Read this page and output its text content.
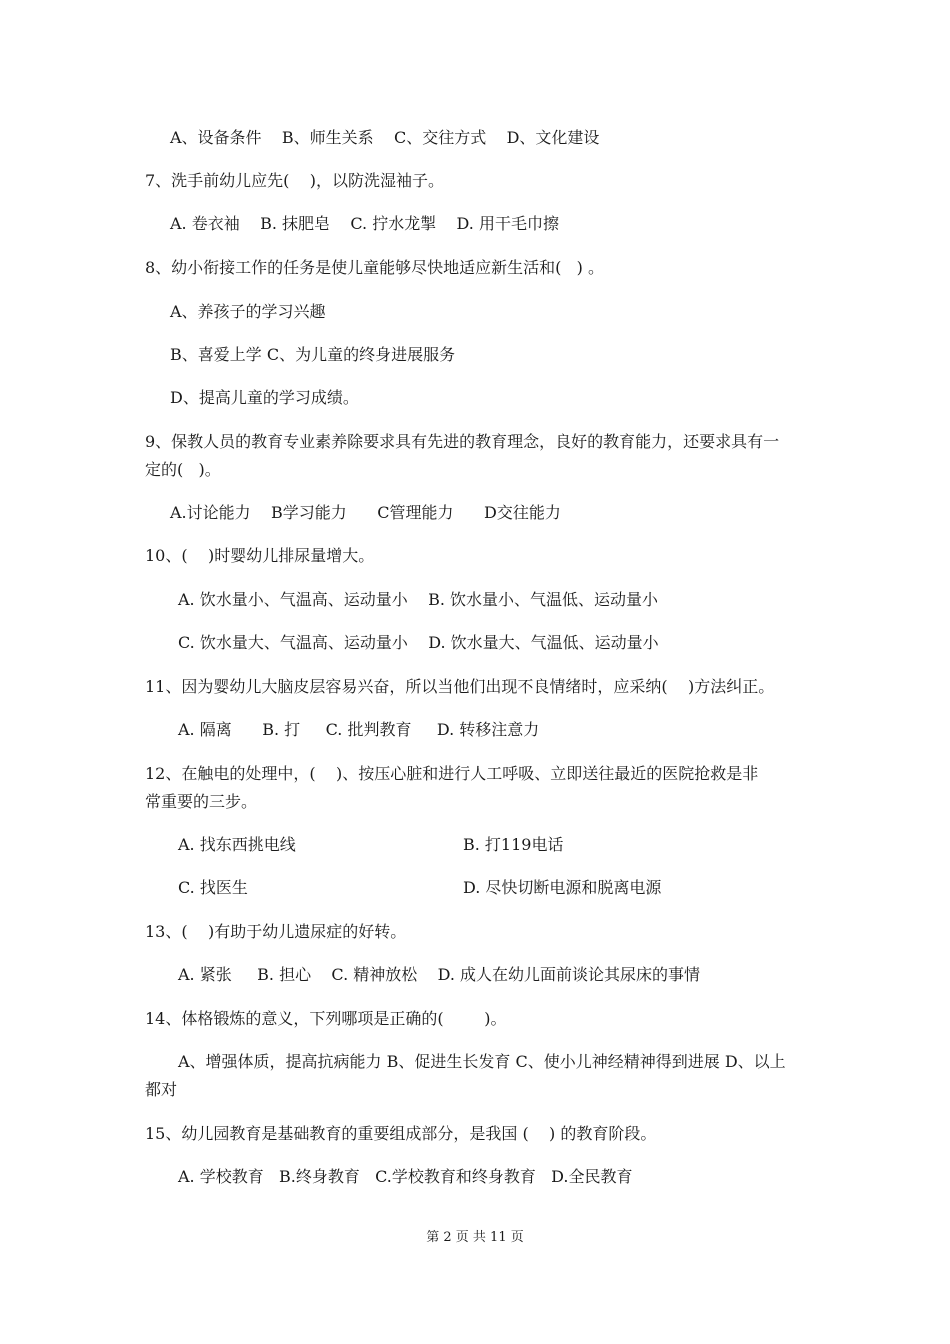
A、设备条件    B、师生关系    C、交往方式    D、文化建设
7、洗手前幼儿应先(    )，以防洗湿袖子。
A. 卷衣袖    B. 抹肥皂    C. 拧水龙掣    D. 用干毛巾擦
8、幼小衔接工作的任务是使儿童能够尽快地适应新生活和(   ) 。
A、养孩子的学习兴趣
B、喜爱上学 C、为儿童的终身进展服务
D、提高儿童的学习成绩。
9、保教人员的教育专业素养除要求具有先进的教育理念，良好的教育能力，还要求具有一
定的(   )。
A.讨论能力    B学习能力      C管理能力      D交往能力
10、(    )时婴幼儿排尿量增大。
A. 饮水量小、气温高、运动量小    B. 饮水量小、气温低、运动量小
C. 饮水量大、气温高、运动量小    D. 饮水量大、气温低、运动量小
11、因为婴幼儿大脑皮层容易兴奋，所以当他们出现不良情绪时，应采纳(    )方法纠正。
A. 隔离      B. 打     C. 批判教育     D. 转移注意力
12、在触电的处理中，(    )、按压心脏和进行人工呼吸、立即送往最近的医院抢救是非
常重要的三步。
A. 找东西挑电线	B. 打119电话
C. 找医生	D. 尽快切断电源和脱离电源
13、(    )有助于幼儿遗尿症的好转。
A. 紧张     B. 担心    C. 精神放松    D. 成人在幼儿面前谈论其尿床的事情
14、体格锻炼的意义，下列哪项是正确的(        )。
A、增强体质，提高抗病能力 B、促进生长发育 C、使小儿神经精神得到进展 D、以上
都对
15、幼儿园教育是基础教育的重要组成部分，是我国 (    ) 的教育阶段。
A. 学校教育   B.终身教育   C.学校教育和终身教育   D.全民教育
第 2 页 共 11 页
